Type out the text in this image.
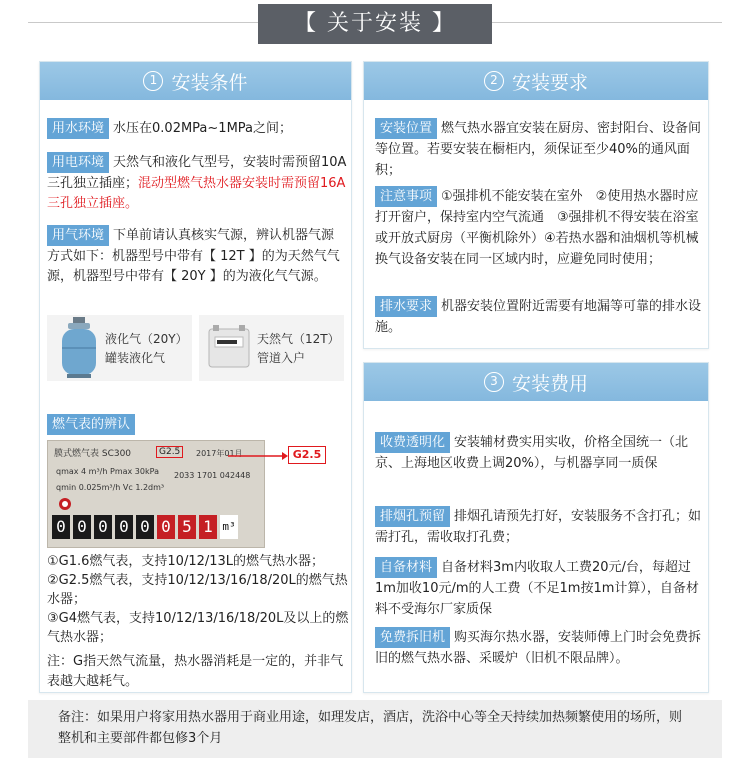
【 关于安装 】
1 安装条件
用水环境 水压在0.02MPa~1MPa之间；
用电环境 天然气和液化气型号，安装时需预留10A三孔独立插座；混动型燃气热水器安装时需预留16A三孔独立插座。
用气环境 下单前请认真核实气源，辨认机器气源方式如下：机器型号中带有【 12T 】的为天然气气源，机器型号中带有【 20Y 】的为液化气气源。
液化气（20Y）
罐装液化气
天然气（12T）
管道入户
燃气表的辨认
膜式燃气表 SC300	G2.5	2017年01月
qmax 4 m³/h Pmax 30kPa 2033 1701 042448
qmin 0.025m³/h Vc 1.2dm³
0 0 0 0 0 0 5 1 m³
G2.5
①G1.6燃气表，支持10/12/13L的燃气热水器；
②G2.5燃气表，支持10/12/13/16/18/20L的燃气热水器；
③G4燃气表，支持10/12/13/16/18/20L及以上的燃气热水器；
注：G指天然气流量，热水器消耗是一定的，并非气表越大越耗气。
2 安装要求
安装位置 燃气热水器宜安装在厨房、密封阳台、设备间等位置。若要安装在橱柜内，须保证至少40%的通风面积；
注意事项 ①强排机不能安装在室外　②使用热水器时应打开窗户，保持室内空气流通　③强排机不得安装在浴室或开放式厨房（平衡机除外）④若热水器和油烟机等机械换气设备安装在同一区域内时，应避免同时使用；
排水要求 机器安装位置附近需要有地漏等可靠的排水设施。
3 安装费用
收费透明化 安装辅材费实用实收，价格全国统一（北京、上海地区收费上调20%），与机器享同一质保
排烟孔预留 排烟孔请预先打好，安装服务不含打孔；如需打孔，需收取打孔费；
自备材料 自备材料3m内收取人工费20元/台，每超过1m加收10元/m的人工费（不足1m按1m计算），自备材料不受海尔厂家质保
免费拆旧机 购买海尔热水器，安装师傅上门时会免费拆旧的燃气热水器、采暖炉（旧机不限品牌）。
备注：如果用户将家用热水器用于商业用途，如理发店，酒店，洗浴中心等全天持续加热频繁使用的场所，则整机和主要部件都包修3个月
